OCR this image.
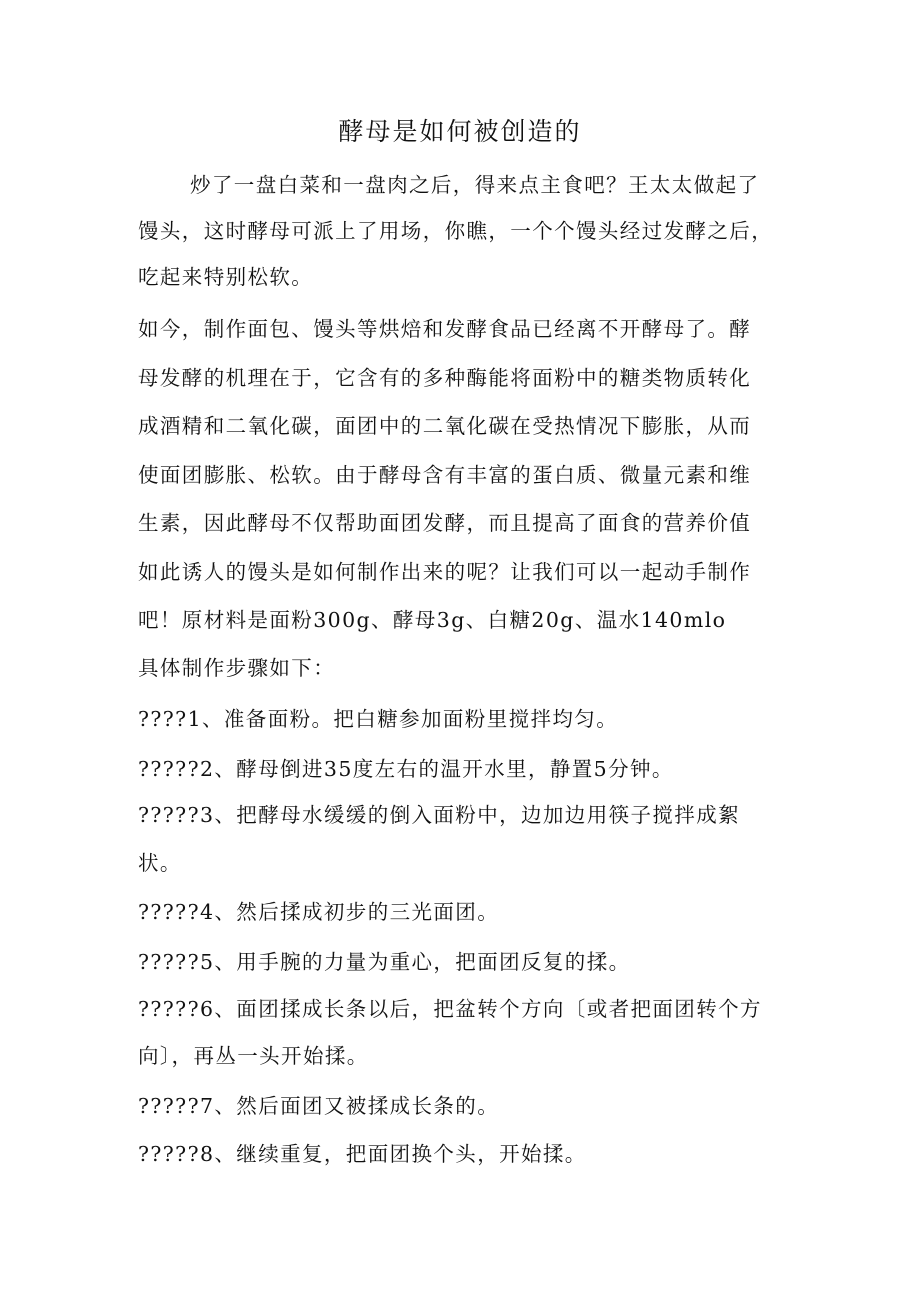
酵母是如何被创造的
炒了一盘白菜和一盘肉之后，得来点主食吧？王太太做起了
馒头，这时酵母可派上了用场，你瞧，一个个馒头经过发酵之后，
吃起来特别松软。
如今，制作面包、馒头等烘焙和发酵食品已经离不开酵母了。酵
母发酵的机理在于，它含有的多种酶能将面粉中的糖类物质转化
成酒精和二氧化碳，面团中的二氧化碳在受热情况下膨胀，从而
使面团膨胀、松软。由于酵母含有丰富的蛋白质、微量元素和维
生素，因此酵母不仅帮助面团发酵，而且提高了面食的营养价值
如此诱人的馒头是如何制作出来的呢？让我们可以一起动手制作
吧！原材料是面粉300g、酵母3g、白糖20g、温水140mlo
具体制作步骤如下：
????1、准备面粉。把白糖参加面粉里搅拌均匀。
?????2、酵母倒进35度左右的温开水里，静置5分钟。
?????3、把酵母水缓缓的倒入面粉中，边加边用筷子搅拌成絮
状。
?????4、然后揉成初步的三光面团。
?????5、用手腕的力量为重心，把面团反复的揉。
?????6、面团揉成长条以后，把盆转个方向〔或者把面团转个方
向〕，再丛一头开始揉。
?????7、然后面团又被揉成长条的。
?????8、继续重复，把面团换个头，开始揉。
